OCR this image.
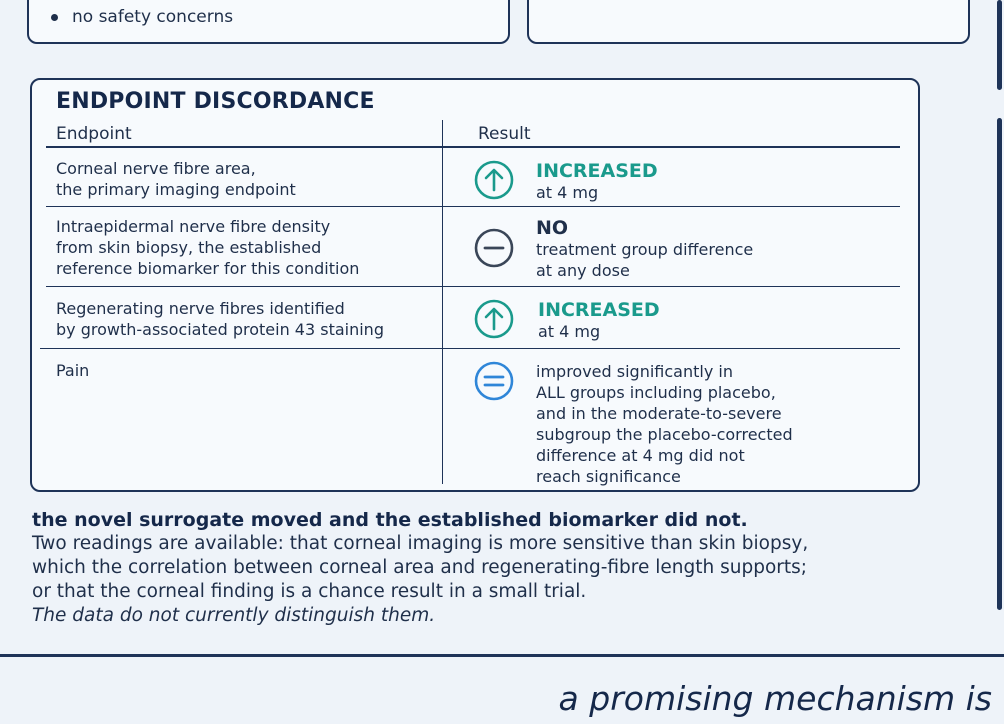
no safety concerns
ENDPOINT DISCORDANCE
Endpoint	Result
Corneal nerve fibre area,
the primary imaging endpoint
INCREASED
at 4 mg
Intraepidermal nerve fibre density
from skin biopsy, the established
reference biomarker for this condition
NO
treatment group difference
at any dose
Regenerating nerve fibres identified
by growth-associated protein 43 staining
INCREASED
at 4 mg
Pain	improved significantly in
ALL groups including placebo,
and in the moderate-to-severe
subgroup the placebo-corrected
difference at 4 mg did not
reach significance
the novel surrogate moved and the established biomarker did not.
Two readings are available: that corneal imaging is more sensitive than skin biopsy,
which the correlation between corneal area and regenerating-fibre length supports;
or that the corneal finding is a chance result in a small trial.
The data do not currently distinguish them.
a promising mechanism is
